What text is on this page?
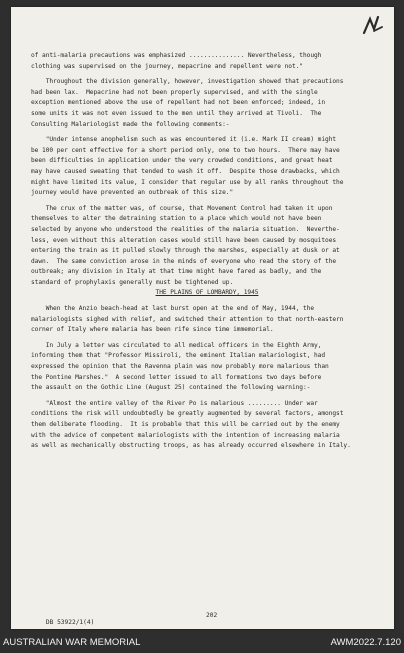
of anti-malaria precautions was emphasized ............... Nevertheless, though
clothing was supervised on the journey, mepacrine and repellent were not."
Throughout the division generally, however, investigation showed that precautions
had been lax.  Mepacrine had not been properly supervised, and with the single
exception mentioned above the use of repellent had not been enforced; indeed, in
some units it was not even issued to the men until they arrived at Tivoli.  The
Consulting Malariologist made the following comments:-
"Under intense anophelism such as was encountered it (i.e. Mark II cream) might
be 100 per cent effective for a short period only, one to two hours.  There may have
been difficulties in application under the very crowded conditions, and great heat
may have caused sweating that tended to wash it off.  Despite those drawbacks, which
might have limited its value, I consider that regular use by all ranks throughout the
journey would have prevented an outbreak of this size."
The crux of the matter was, of course, that Movement Control had taken it upon
themselves to alter the detraining station to a place which would not have been
selected by anyone who understood the realities of the malaria situation.  Neverthe-
less, even without this alteration cases would still have been caused by mosquitoes
entering the train as it pulled slowly through the marshes, especially at dusk or at
dawn.  The same conviction arose in the minds of everyone who read the story of the
outbreak; any division in Italy at that time might have fared as badly, and the
standard of prophylaxis generally must be tightened up.
THE PLAINS OF LOMBARDY, 1945
When the Anzio beach-head at last burst open at the end of May, 1944, the
malariologists sighed with relief, and switched their attention to that north-eastern
corner of Italy where malaria has been rife since time immemorial.
In July a letter was circulated to all medical officers in the Eighth Army,
informing them that "Professor Missiroli, the eminent Italian malariologist, had
expressed the opinion that the Ravenna plain was now probably more malarious than
the Pontine Marshes."  A second letter issued to all formations two days before
the assault on the Gothic Line (August 25) contained the following warning:-
"Almost the entire valley of the River Po is malarious ......... Under war
conditions the risk will undoubtedly be greatly augmented by several factors, amongst
them deliberate flooding.  It is probable that this will be carried out by the enemy
with the advice of competent malariologists with the intention of increasing malaria
as well as mechanically obstructing troops, as has already occurred elsewhere in Italy.

DB 53922/1(4)

202

AUSTRALIAN WAR MEMORIAL	AWM2022.7.120
